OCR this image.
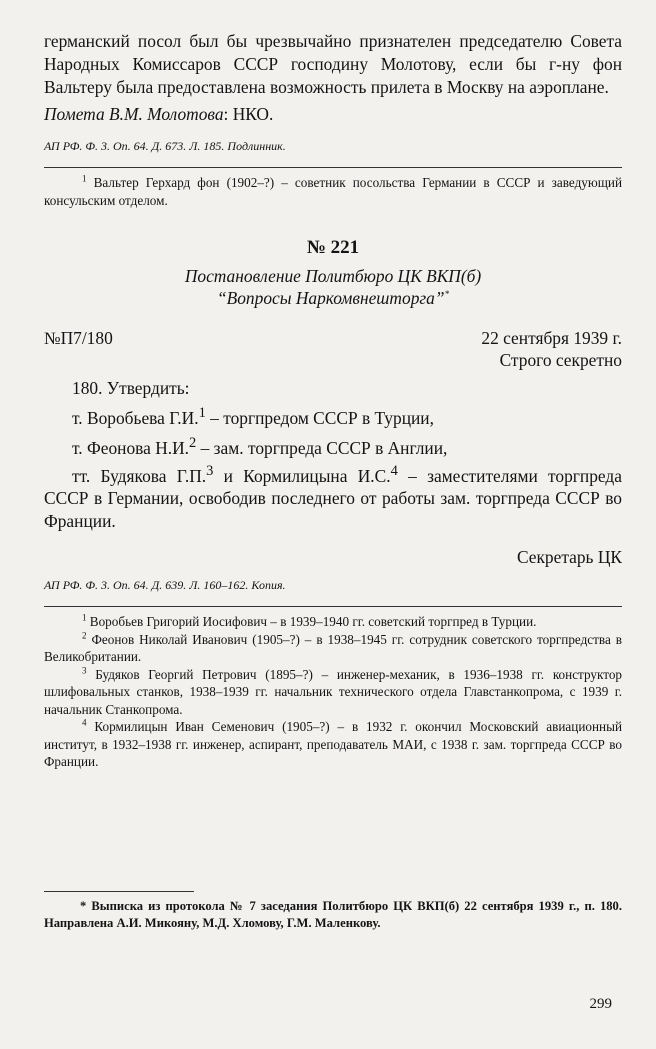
германский посол был бы чрезвычайно признателен председателю Совета Народных Комиссаров СССР господину Молотову, если бы г-ну фон Вальтеру была предоставлена возможность прилета в Москву на аэроплане.

Помета В.М. Молотова: НКО.

АП РФ. Ф. 3. Оп. 64. Д. 673. Л. 185. Подлинник.

$^1$ Вальтер Герхард фон (1902–?) – советник посольства Германии в СССР и заведующий консульским отделом.

№ 221
Постановление Политбюро ЦК ВКП(б)
“Вопросы Наркомвнешторга”*
№П7/180	22 сентября 1939 г.
Строго секретно

180. Утвердить:

т. Воробьева Г.И.$^1$ – торгпредом СССР в Турции,

т. Феонова Н.И.$^2$ – зам. торгпреда СССР в Англии,

тт. Будякова Г.П.$^3$ и Кормилицына И.С.$^4$ – заместителями торгпреда СССР в Германии, освободив последнего от работы зам. торгпреда СССР во Франции.

Секретарь ЦК

АП РФ. Ф. 3. Оп. 64. Д. 639. Л. 160–162. Копия.

$^1$ Воробьев Григорий Иосифович – в 1939–1940 гг. советский торгпред в Турции.

$^2$ Феонов Николай Иванович (1905–?) – в 1938–1945 гг. сотрудник советского торгпредства в Великобритании.

$^3$ Будяков Георгий Петрович (1895–?) – инженер-механик, в 1936–1938 гг. конструктор шлифовальных станков, 1938–1939 гг. начальник технического отдела Главстанкопрома, с 1939 г. начальник Станкопрома.

$^4$ Кормилицын Иван Семенович (1905–?) – в 1932 г. окончил Московский авиационный институт, в 1932–1938 гг. инженер, аспирант, преподаватель МАИ, с 1938 г. зам. торгпреда СССР во Франции.

* Выписка из протокола № 7 заседания Политбюро ЦК ВКП(б) 22 сентября 1939 г., п. 180. Направлена А.И. Микояну, М.Д. Хломову, Г.М. Маленкову.

299
